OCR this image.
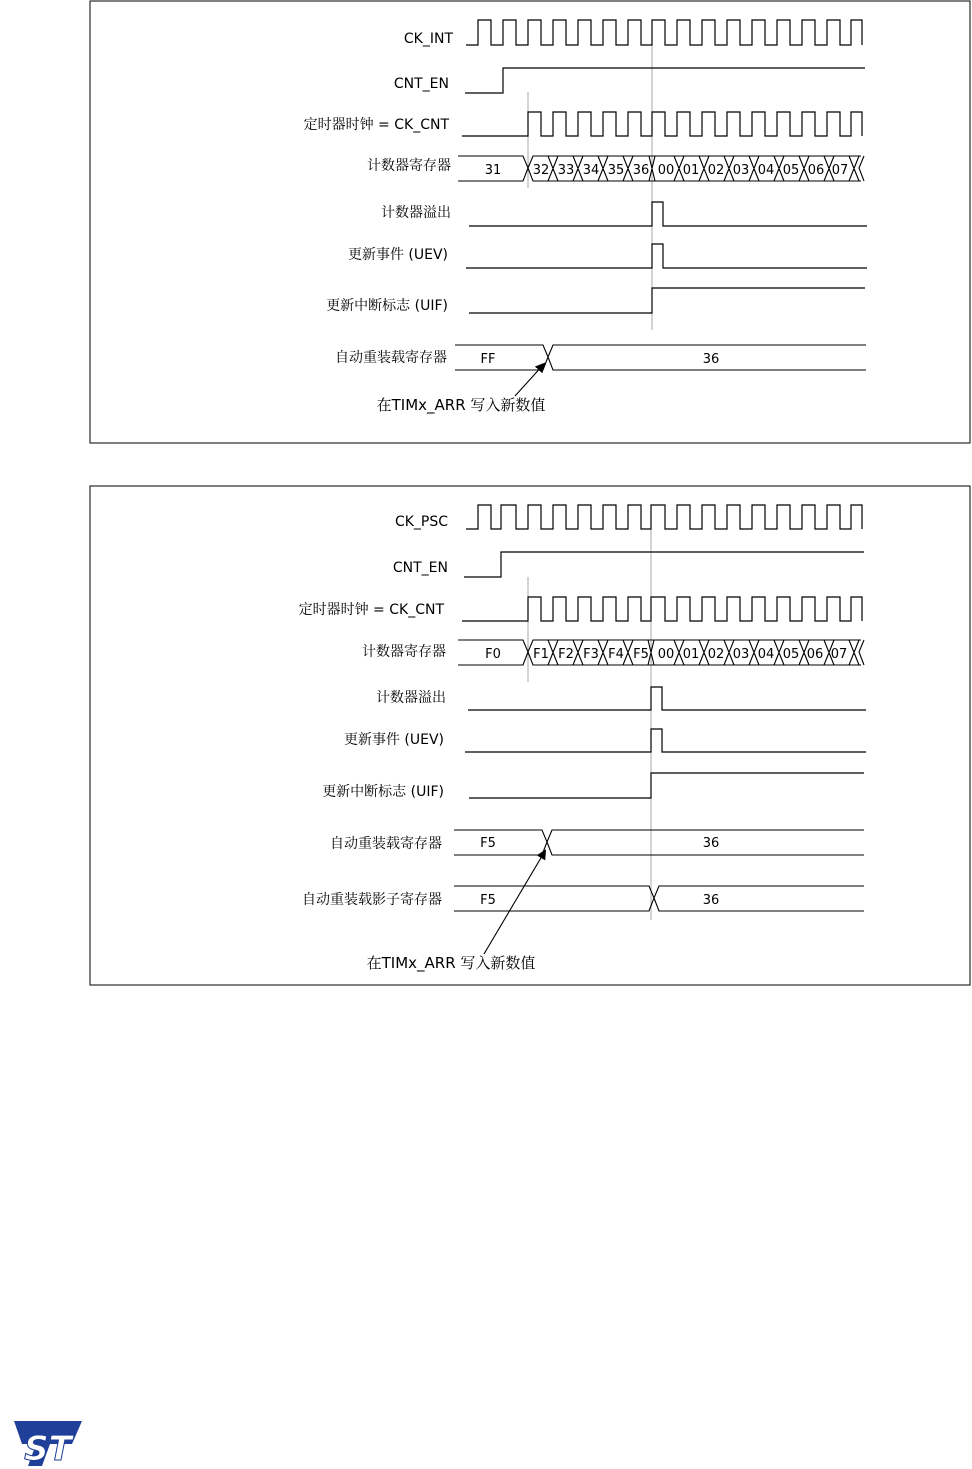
CK_INT
CNT_EN
定时器时钟 = CK_CNT
计数器寄存器
计数器溢出
更新事件 (UEV)
更新中断标志 (UIF)
自动重装载寄存器
31 32 33 34 35 36 00 01 02 03 04 05 06 07
FF	36
在TIMx_ARR 写入新数值
CK_PSC
CNT_EN
定时器时钟 = CK_CNT
计数器寄存器
计数器溢出
更新事件 (UEV)
更新中断标志 (UIF)
自动重装载寄存器
自动重装载影子寄存器
F0 F1 F2 F3 F4 F5 00 01 02 03 04 05 06 07
F5	36
F5	36
在TIMx_ARR 写入新数值
ST
